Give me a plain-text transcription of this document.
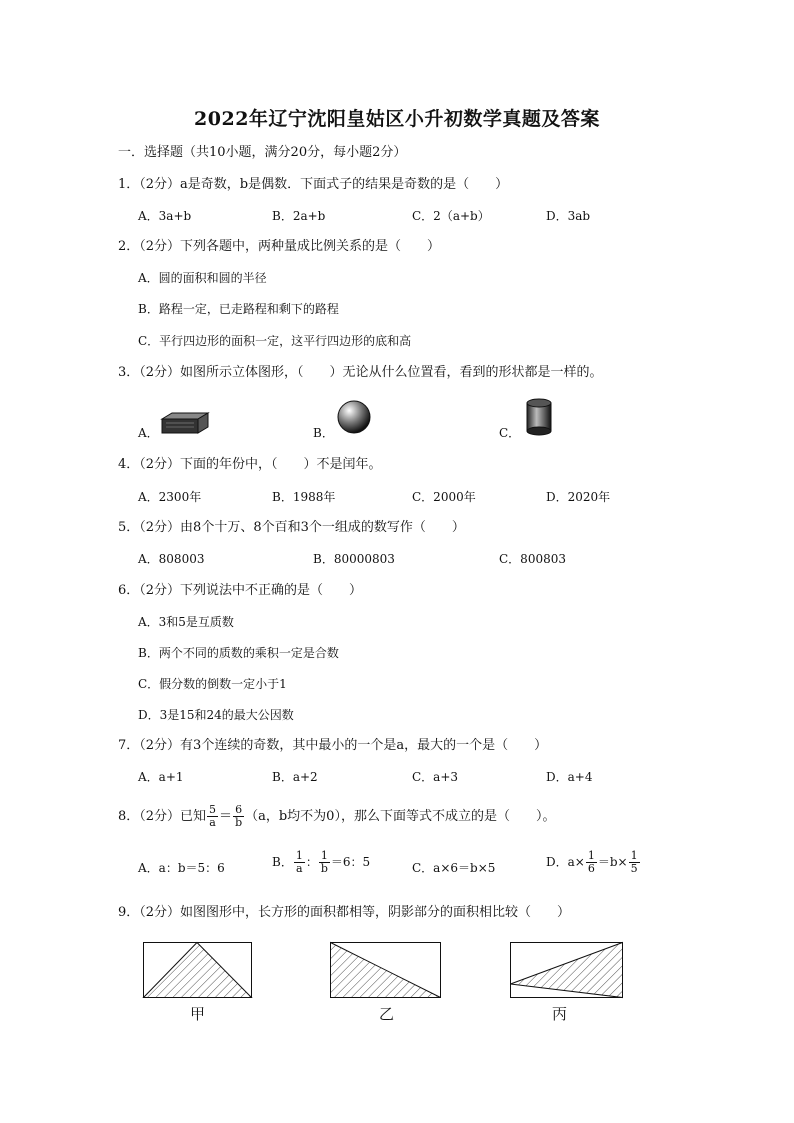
2022年辽宁沈阳皇姑区小升初数学真题及答案
一．选择题（共10小题，满分20分，每小题2分）
1．（2分）a是奇数，b是偶数．下面式子的结果是奇数的是（　　）
A．3a+b	B．2a+b	C．2（a+b）	D．3ab
2．（2分）下列各题中，两种量成比例关系的是（　　）
A．圆的面积和圆的半径
B．路程一定，已走路程和剩下的路程
C．平行四边形的面积一定，这平行四边形的底和高
3．（2分）如图所示立体图形，（　　）无论从什么位置看，看到的形状都是一样的。
A．	B．	C．
4．（2分）下面的年份中，（　　）不是闰年。
A．2300年	B．1988年	C．2000年	D．2020年
5．（2分）由8个十万、8个百和3个一组成的数写作（　　）
A．808003	B．80000803	C．800803
6．（2分）下列说法中不正确的是（　　）
A．3和5是互质数
B．两个不同的质数的乘积一定是合数
C．假分数的倒数一定小于1
D．3是15和24的最大公因数
7．（2分）有3个连续的奇数，其中最小的一个是a，最大的一个是（　　）
A．a+1	B．a+2	C．a+3	D．a+4
8．（2分）已知 $\frac{5}{a} = \frac{6}{b} (a$，b均不为0），那么下面等式不成立的是（　　）。
A．a：b＝5：6	B． $\frac{1}{a}$ ： $\frac{1}{b} =6$：5	C．a×6＝b×5	D．$a\times \frac{1}{6} =b\times \frac{1}{5}$
9．（2分）如图图形中，长方形的面积都相等，阴影部分的面积相比较（　　）
甲	乙	丙
